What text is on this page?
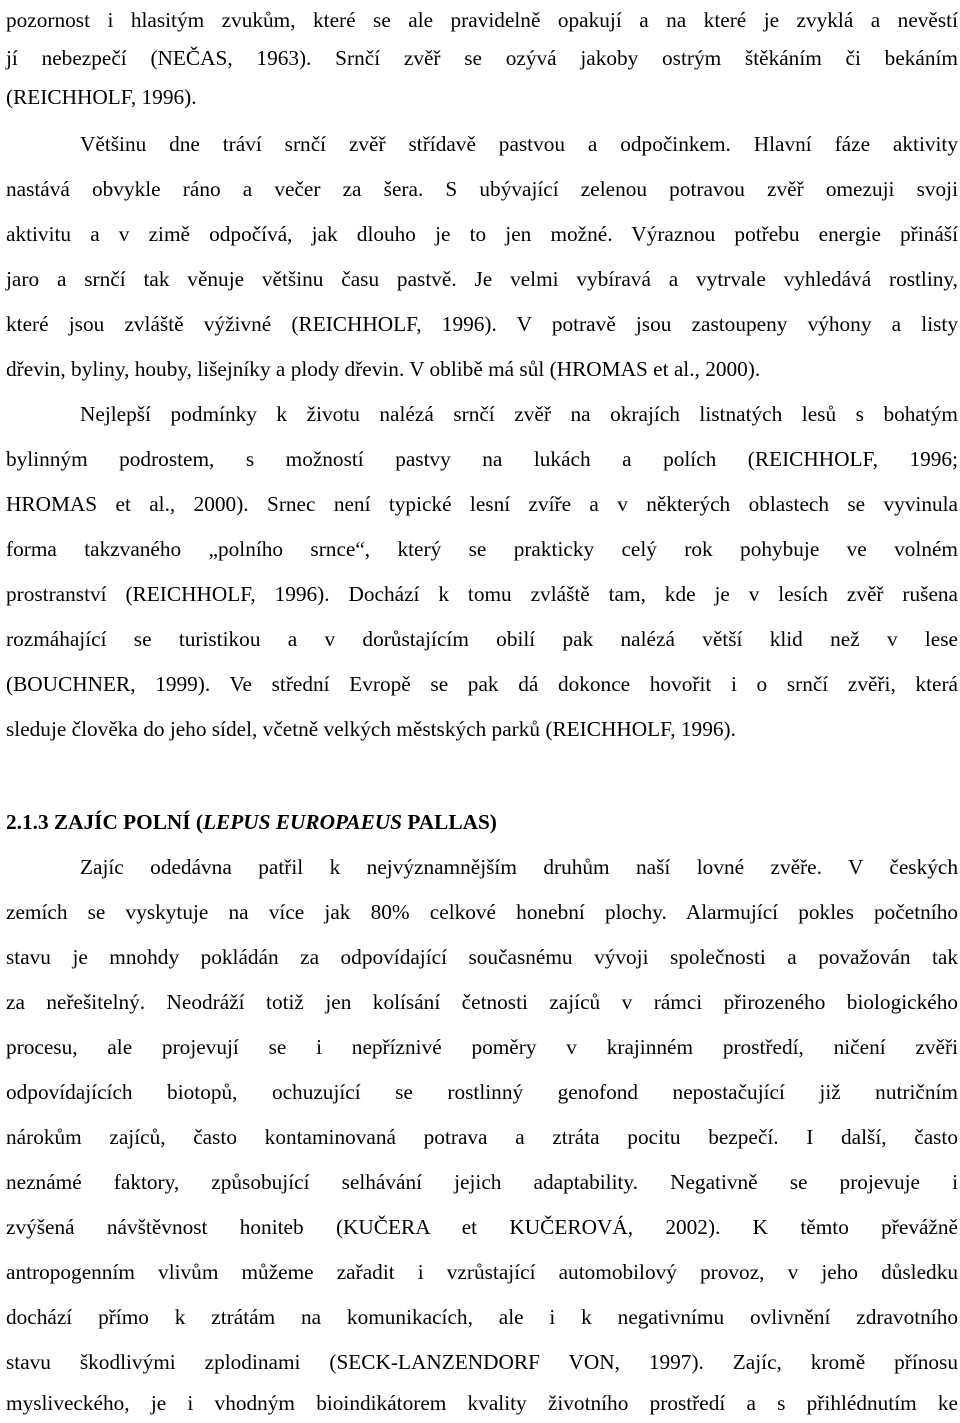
pozornost i hlasitým zvukům, které se ale pravidelně opakují a na které je zvyklá a nevěstí
jí nebezpečí (NEČAS, 1963). Srnčí zvěř se ozývá jakoby ostrým štěkáním či bekáním
(REICHHOLF, 1996).
Většinu dne tráví srnčí zvěř střídavě pastvou a odpočinkem. Hlavní fáze aktivity
nastává obvykle ráno a večer za šera. S ubývající zelenou potravou zvěř omezuji svoji
aktivitu a v zimě odpočívá, jak dlouho je to jen možné. Výraznou potřebu energie přináší
jaro a srnčí tak věnuje většinu času pastvě. Je velmi vybíravá a vytrvale vyhledává rostliny,
které jsou zvláště výživné (REICHHOLF, 1996). V potravě jsou zastoupeny výhony a listy
dřevin, byliny, houby, lišejníky a plody dřevin. V oblibě má sůl (HROMAS et al., 2000).
Nejlepší podmínky k životu nalézá srnčí zvěř na okrajích listnatých lesů s bohatým
bylinným podrostem, s možností pastvy na lukách a polích (REICHHOLF, 1996;
HROMAS et al., 2000). Srnec není typické lesní zvíře a v některých oblastech se vyvinula
forma takzvaného „polního srnce“, který se prakticky celý rok pohybuje ve volném
prostranství (REICHHOLF, 1996). Dochází k tomu zvláště tam, kde je v lesích zvěř rušena
rozmáhající se turistikou a v dorůstajícím obilí pak nalézá větší klid než v lese
(BOUCHNER, 1999). Ve střední Evropě se pak dá dokonce hovořit i o srnčí zvěři, která
sleduje člověka do jeho sídel, včetně velkých městských parků (REICHHOLF, 1996).
2.1.3 ZAJÍC POLNÍ (LEPUS EUROPAEUS PALLAS)
Zajíc odedávna patřil k nejvýznamnějším druhům naší lovné zvěře. V českých
zemích se vyskytuje na více jak 80% celkové honební plochy. Alarmující pokles početního
stavu je mnohdy pokládán za odpovídající současnému vývoji společnosti a považován tak
za neřešitelný. Neodráží totiž jen kolísání četnosti zajíců v rámci přirozeného biologického
procesu, ale projevují se i nepříznivé poměry v krajinném prostředí, ničení zvěři
odpovídajících biotopů, ochuzující se rostlinný genofond nepostačující již nutričním
nárokům zajíců, často kontaminovaná potrava a ztráta pocitu bezpečí. I další, často
neznámé faktory, způsobující selhávání jejich adaptability. Negativně se projevuje i
zvýšená návštěvnost honiteb (KUČERA et KUČEROVÁ, 2002). K těmto převážně
antropogenním vlivům můžeme zařadit i vzrůstající automobilový provoz, v jeho důsledku
dochází přímo k ztrátám na komunikacích, ale i k negativnímu ovlivnění zdravotního
stavu škodlivými zplodinami (SECK-LANZENDORF VON, 1997). Zajíc, kromě přínosu
mysliveckého, je i vhodným bioindikátorem kvality životního prostředí a s přihlédnutím ke
